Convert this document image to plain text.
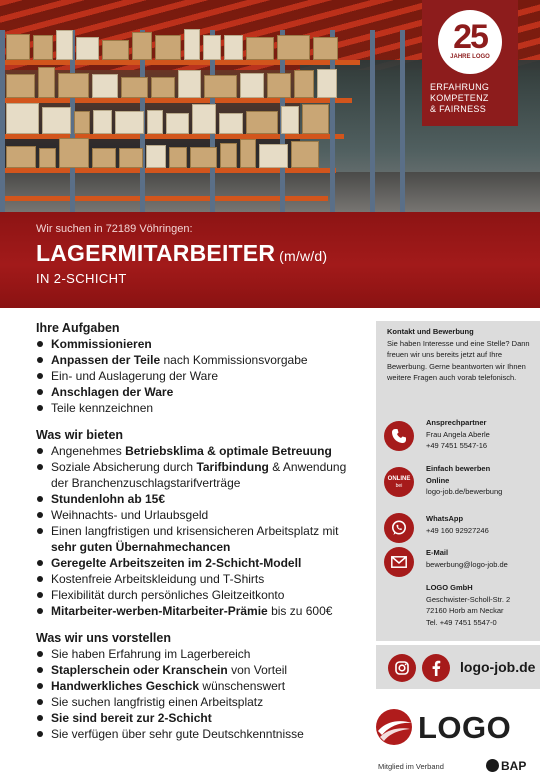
25
JAHRE LOGO
ERFAHRUNG
KOMPETENZ
& FAIRNESS
Wir suchen in 72189 Vöhringen:
LAGERMITARBEITER (m/w/d)
IN 2-SCHICHT
Ihre Aufgaben
Kommissionieren
Anpassen der Teile nach Kommissionsvorgabe
Ein- und Auslagerung der Ware
Anschlagen der Ware
Teile kennzeichnen
Was wir bieten
Angenehmes Betriebsklima & optimale Betreuung
Soziale Absicherung durch Tarifbindung & Anwendung der Branchenzuschlagstarifverträge
Stundenlohn ab 15€
Weihnachts- und Urlaubsgeld
Einen langfristigen und krisensicheren Arbeitsplatz mit sehr guten Übernahmechancen
Geregelte Arbeitszeiten im 2-Schicht-Modell
Kostenfreie Arbeitskleidung und T-Shirts
Flexibilität durch persönliches Gleitzeitkonto
Mitarbeiter-werben-Mitarbeiter-Prämie bis zu 600€
Was wir uns vorstellen
Sie haben Erfahrung im Lagerbereich
Staplerschein oder Kranschein von Vorteil
Handwerkliches Geschick wünschenswert
Sie suchen langfristig einen Arbeitsplatz
Sie sind bereit zur 2-Schicht
Sie verfügen über sehr gute Deutschkenntnisse
Kontakt und Bewerbung
Sie haben Interesse und eine Stelle? Dann freuen wir uns bereits jetzt auf Ihre Bewerbung. Gerne beantworten wir Ihnen weitere Fragen auch vorab telefonisch.
Ansprechpartner
Frau Angela Aberle
+49 7451 5547-16
ONLINE
bei
Einfach bewerben
Online
logo-job.de/bewerbung
WhatsApp
+49 160 92927246
E-Mail
bewerbung@logo-job.de
LOGO GmbH
Geschwister-Scholl-Str. 2
72160 Horb am Neckar
Tel. +49 7451 5547-0
logo-job.de
LOGO
Mitglied im Verband	BAP
